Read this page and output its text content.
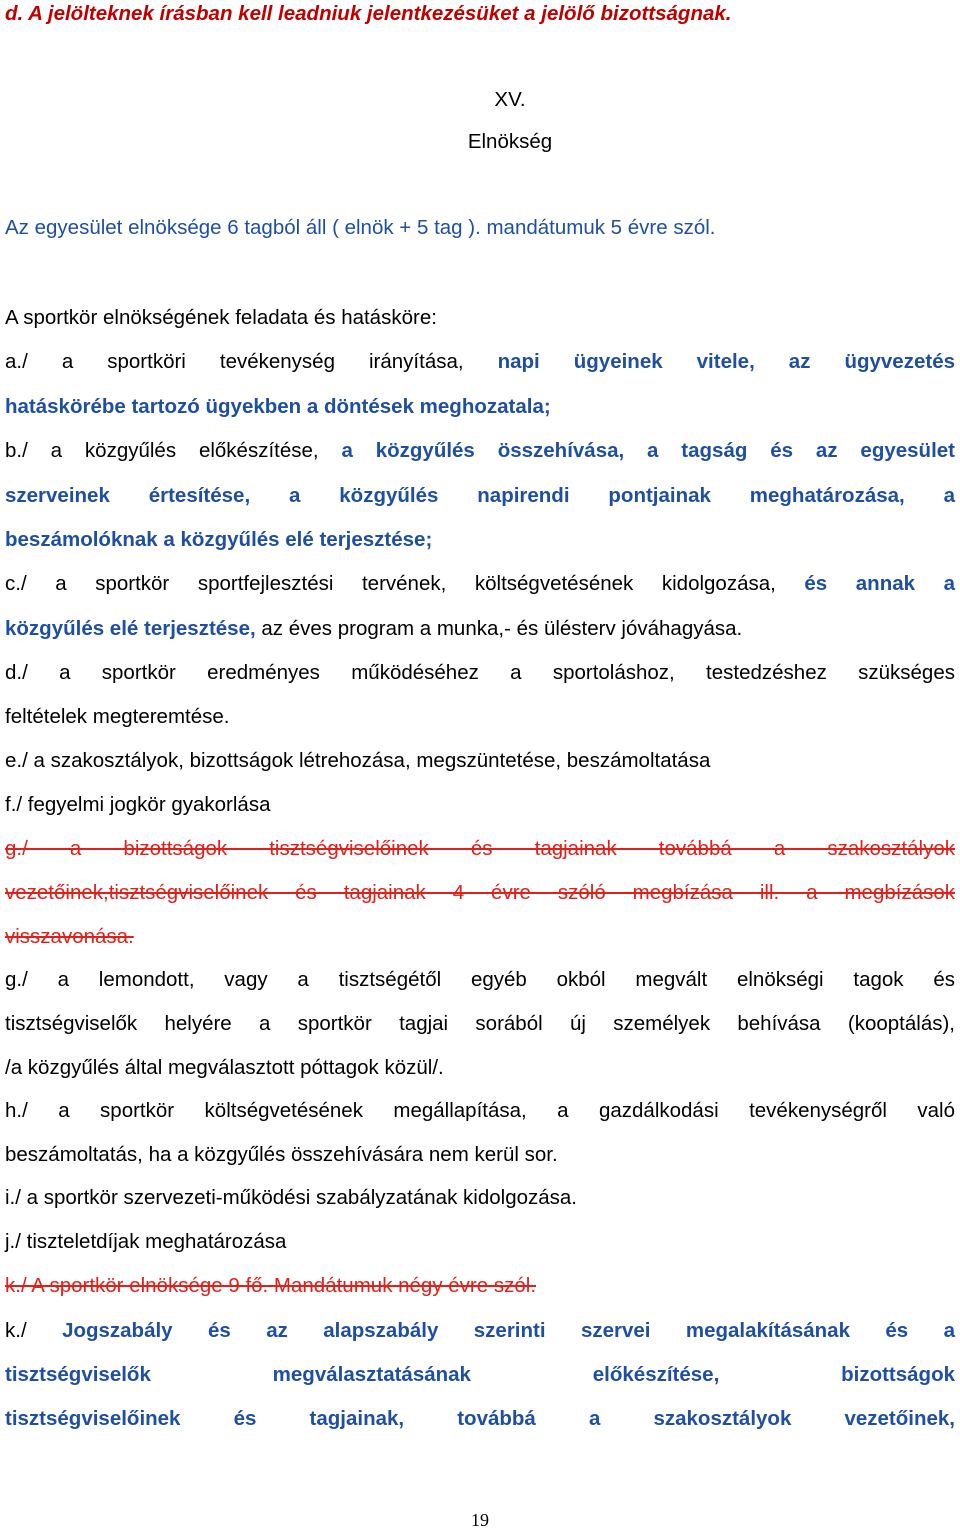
d. A jelölteknek írásban kell leadniuk jelentkezésüket a jelölő bizottságnak.
XV.
Elnökség
Az egyesület elnöksége 6 tagból áll ( elnök + 5 tag ). mandátumuk 5 évre szól.
A sportkör elnökségének feladata és hatásköre:
a./ a sportköri tevékenység irányítása, napi ügyeinek vitele, az ügyvezetés
hatáskörébe tartozó ügyekben a döntések meghozatala;
b./ a közgyűlés előkészítése, a közgyűlés összehívása, a tagság és az egyesület
szerveinek értesítése, a közgyűlés napirendi pontjainak meghatározása, a
beszámolóknak a közgyűlés elé terjesztése;
c./ a sportkör sportfejlesztési tervének, költségvetésének kidolgozása, és annak a
közgyűlés elé terjesztése, az éves program a munka,- és ülésterv jóváhagyása.
d./ a sportkör eredményes működéséhez a sportoláshoz, testedzéshez szükséges
feltételek megteremtése.
e./ a szakosztályok, bizottságok létrehozása, megszüntetése, beszámoltatása
f./ fegyelmi jogkör gyakorlása
g./ a bizottságok tisztségviselőinek és tagjainak továbbá a szakosztályok
vezetőinek,tisztségviselőinek és tagjainak 4 évre szóló megbízása ill. a megbízások
visszavonása.
g./ a lemondott, vagy a tisztségétől egyéb okból megvált elnökségi tagok és
tisztségviselők helyére a sportkör tagjai sorából új személyek behívása (kooptálás),
/a közgyűlés által megválasztott póttagok közül/.
h./ a sportkör költségvetésének megállapítása, a gazdálkodási tevékenységről való
beszámoltatás, ha a közgyűlés összehívására nem kerül sor.
i./ a sportkör szervezeti-működési szabályzatának kidolgozása.
j./ tiszteletdíjak meghatározása
k./ A sportkör elnöksége 9 fő. Mandátumuk négy évre szól.
k./ Jogszabály és az alapszabály szerinti szervei megalakításának és a
tisztségviselők megválasztatásának előkészítése, bizottságok
tisztségviselőinek és tagjainak, továbbá a szakosztályok vezetőinek,
19
